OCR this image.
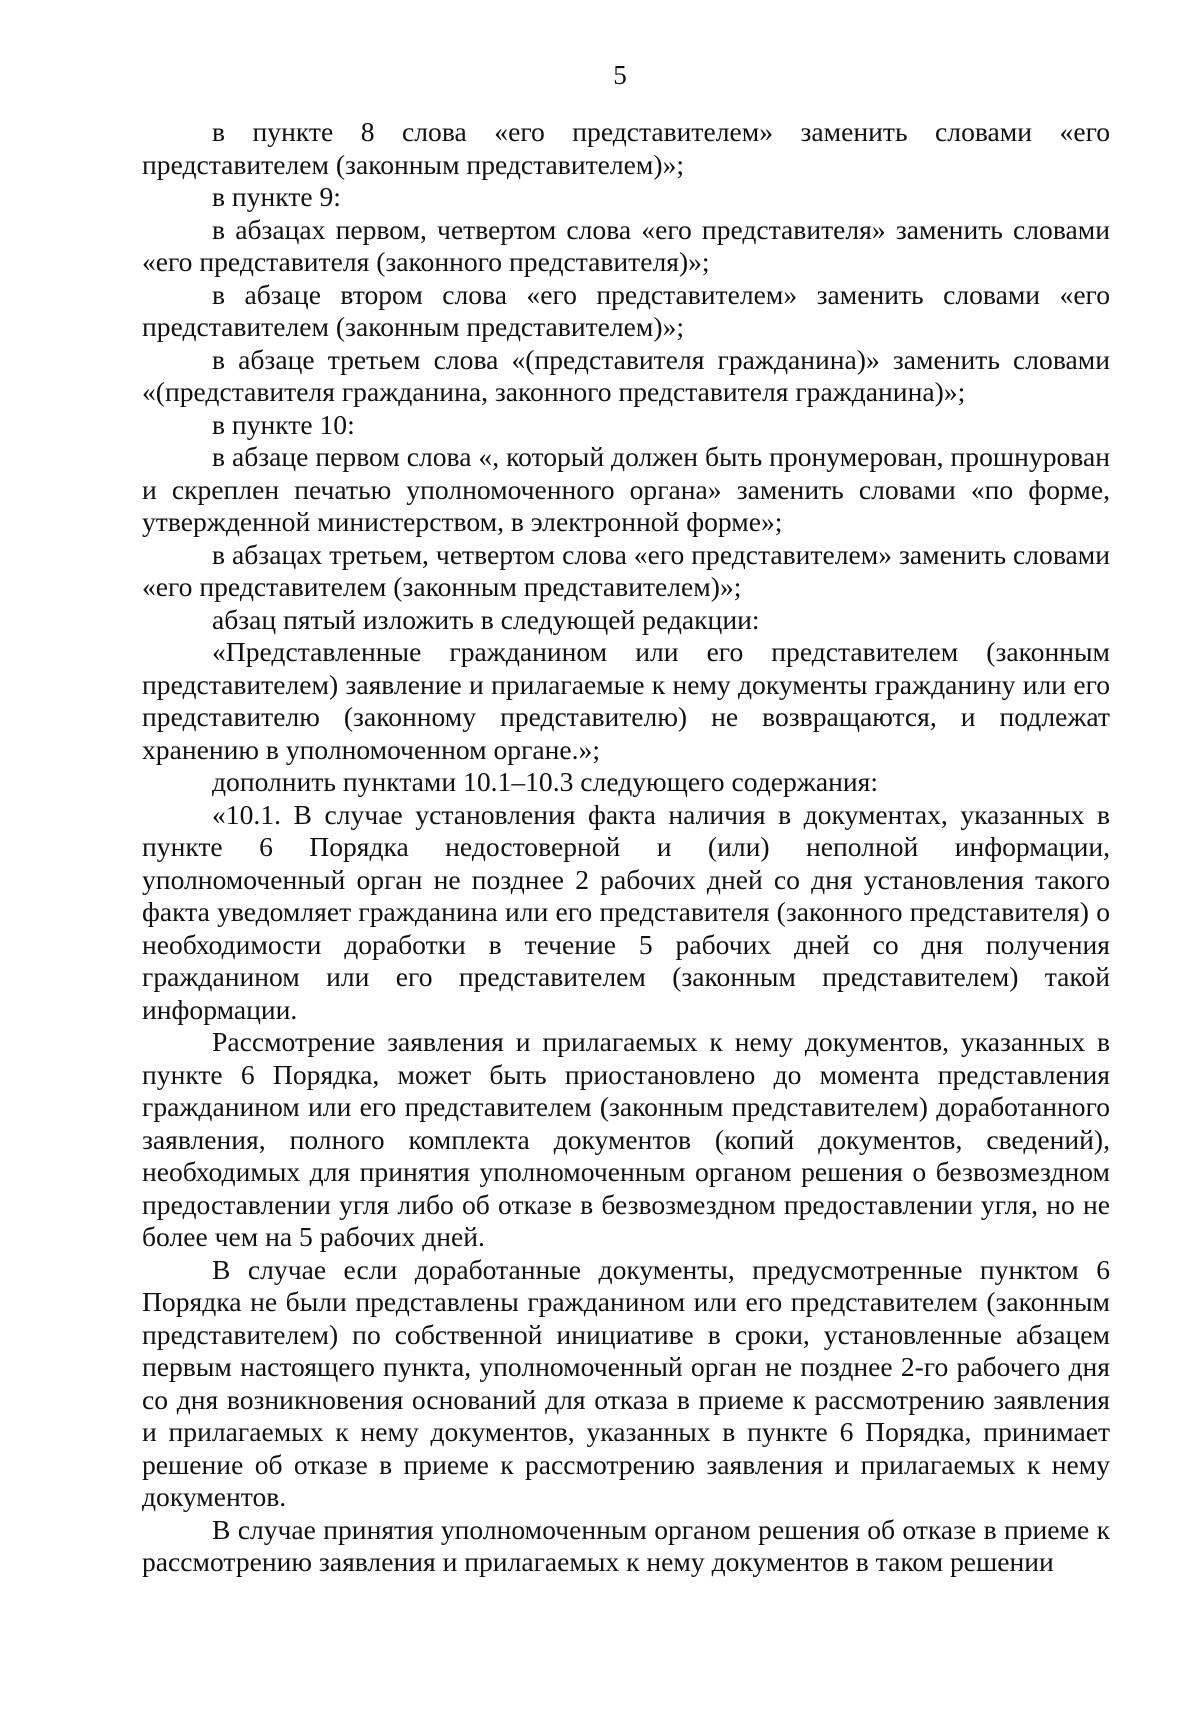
5

в пункте 8 слова «его представителем» заменить словами «его представителем (законным представителем)»;

в пункте 9:

в абзацах первом, четвертом слова «его представителя» заменить словами «его представителя (законного представителя)»;

в абзаце втором слова «его представителем» заменить словами «его представителем (законным представителем)»;

в абзаце третьем слова «(представителя гражданина)» заменить словами «(представителя гражданина, законного представителя гражданина)»;

в пункте 10:

в абзаце первом слова «, который должен быть пронумерован, прошнурован и скреплен печатью уполномоченного органа» заменить словами «по форме, утвержденной министерством, в электронной форме»;

в абзацах третьем, четвертом слова «его представителем» заменить словами «его представителем (законным представителем)»;

абзац пятый изложить в следующей редакции:

«Представленные гражданином или его представителем (законным представителем) заявление и прилагаемые к нему документы гражданину или его представителю (законному представителю) не возвращаются, и подлежат хранению в уполномоченном органе.»;

дополнить пунктами 10.1–10.3 следующего содержания:

«10.1. В случае установления факта наличия в документах, указанных в пункте 6 Порядка недостоверной и (или) неполной информации, уполномоченный орган не позднее 2 рабочих дней со дня установления такого факта уведомляет гражданина или его представителя (законного представителя) о необходимости доработки в течение 5 рабочих дней со дня получения гражданином или его представителем (законным представителем) такой информации.

Рассмотрение заявления и прилагаемых к нему документов, указанных в пункте 6 Порядка, может быть приостановлено до момента представления гражданином или его представителем (законным представителем) доработанного заявления, полного комплекта документов (копий документов, сведений), необходимых для принятия уполномоченным органом решения о безвозмездном предоставлении угля либо об отказе в безвозмездном предоставлении угля, но не более чем на 5 рабочих дней.

В случае если доработанные документы, предусмотренные пунктом 6 Порядка не были представлены гражданином или его представителем (законным представителем) по собственной инициативе в сроки, установленные абзацем первым настоящего пункта, уполномоченный орган не позднее 2-го рабочего дня со дня возникновения оснований для отказа в приеме к рассмотрению заявления и прилагаемых к нему документов, указанных в пункте 6 Порядка, принимает решение об отказе в приеме к рассмотрению заявления и прилагаемых к нему документов.

В случае принятия уполномоченным органом решения об отказе в приеме к рассмотрению заявления и прилагаемых к нему документов в таком решении
